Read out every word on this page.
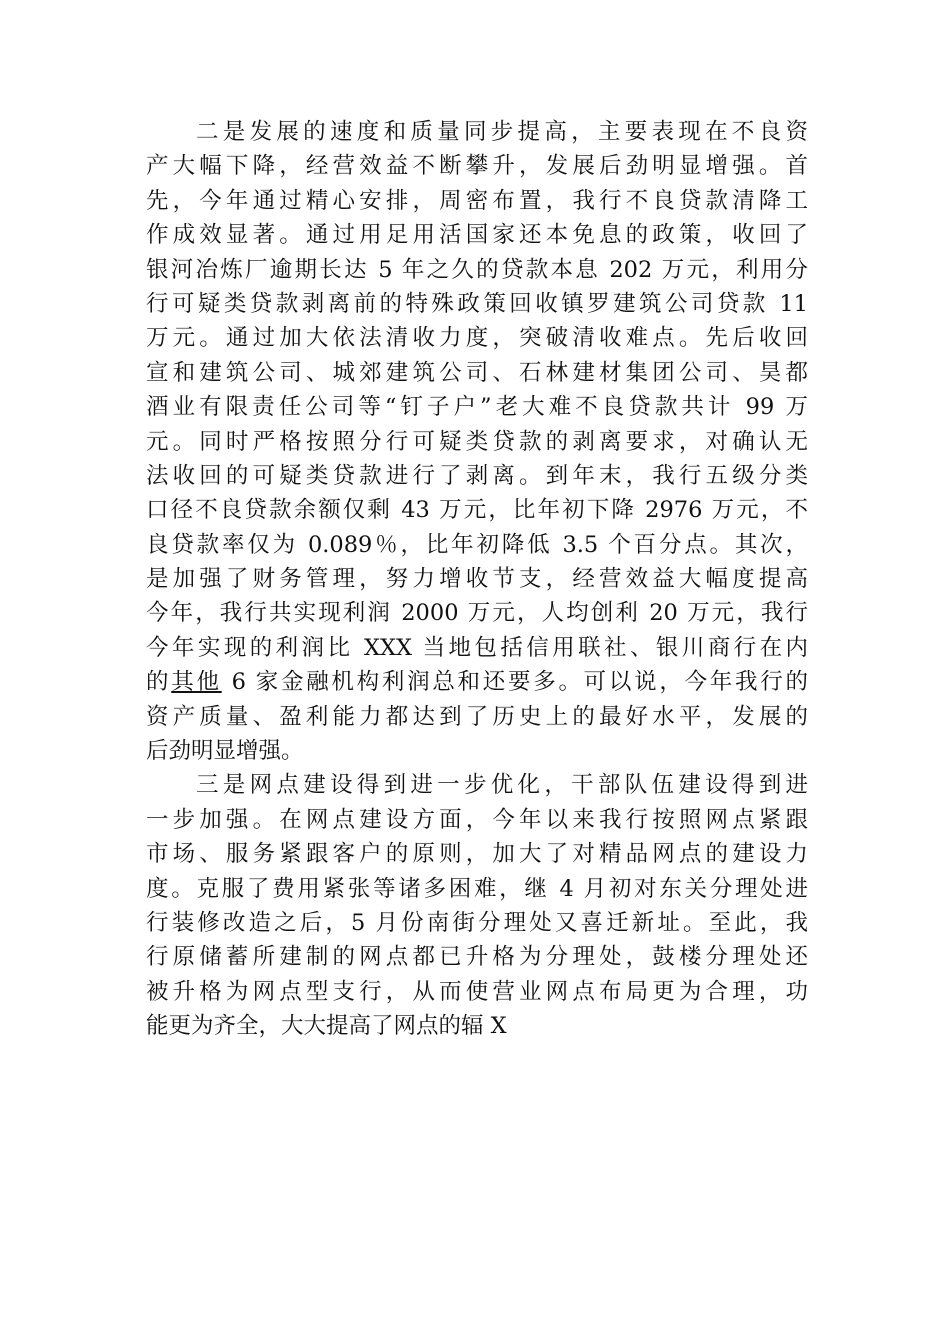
二是发展的速度和质量同步提高，主要表现在不良资
产大幅下降，经营效益不断攀升，发展后劲明显增强。首
先，今年通过精心安排，周密布置，我行不良贷款清降工
作成效显著。通过用足用活国家还本免息的政策，收回了
银河冶炼厂逾期长达 5 年之久的贷款本息 202 万元，利用分
行可疑类贷款剥离前的特殊政策回收镇罗建筑公司贷款 11
万元。通过加大依法清收力度，突破清收难点。先后收回
宣和建筑公司、城郊建筑公司、石林建材集团公司、昊都
酒业有限责任公司等“钉子户”老大难不良贷款共计 99 万
元。同时严格按照分行可疑类贷款的剥离要求，对确认无
法收回的可疑类贷款进行了剥离。到年末，我行五级分类
口径不良贷款余额仅剩 43 万元，比年初下降 2976 万元，不
良贷款率仅为 0.089％，比年初降低 3.5 个百分点。其次，
是加强了财务管理，努力增收节支，经营效益大幅度提高
今年，我行共实现利润 2000 万元，人均创利 20 万元，我行
今年实现的利润比 XXX 当地包括信用联社、银川商行在内
的其他 6 家金融机构利润总和还要多。可以说，今年我行的
资产质量、盈利能力都达到了历史上的最好水平，发展的
后劲明显增强。
三是网点建设得到进一步优化，干部队伍建设得到进
一步加强。在网点建设方面，今年以来我行按照网点紧跟
市场、服务紧跟客户的原则，加大了对精品网点的建设力
度。克服了费用紧张等诸多困难，继 4 月初对东关分理处进
行装修改造之后，5 月份南街分理处又喜迁新址。至此，我
行原储蓄所建制的网点都已升格为分理处，鼓楼分理处还
被升格为网点型支行，从而使营业网点布局更为合理，功
能更为齐全，大大提高了网点的辐 X
